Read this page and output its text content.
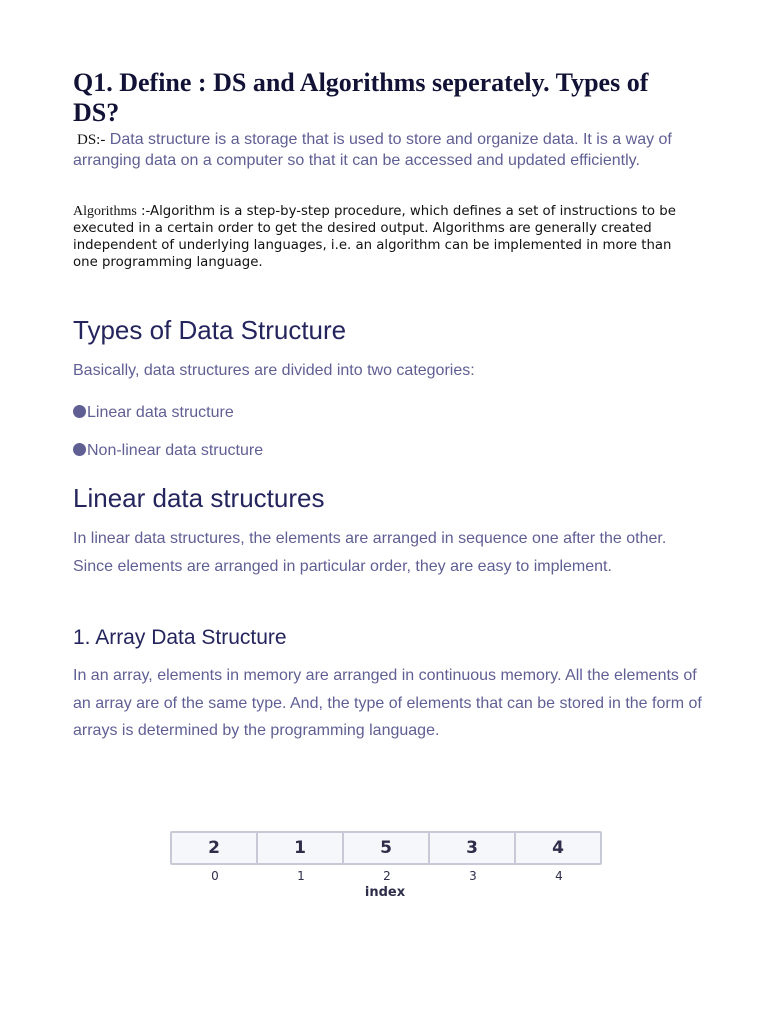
Q1. Define : DS and Algorithms seperately. Types of DS?

DS:- Data structure is a storage that is used to store and organize data. It is a way of arranging data on a computer so that it can be accessed and updated efficiently.

Algorithms :-Algorithm is a step-by-step procedure, which defines a set of instructions to be executed in a certain order to get the desired output. Algorithms are generally created independent of underlying languages, i.e. an algorithm can be implemented in more than one programming language.

Types of Data Structure

Basically, data structures are divided into two categories:

Linear data structure
Non-linear data structure
Linear data structures

In linear data structures, the elements are arranged in sequence one after the other. Since elements are arranged in particular order, they are easy to implement.

1. Array Data Structure

In an array, elements in memory are arranged in continuous memory. All the elements of an array are of the same type. And, the type of elements that can be stored in the form of arrays is determined by the programming language.

2	1	5	3	4
0	1	2	3	4
index
